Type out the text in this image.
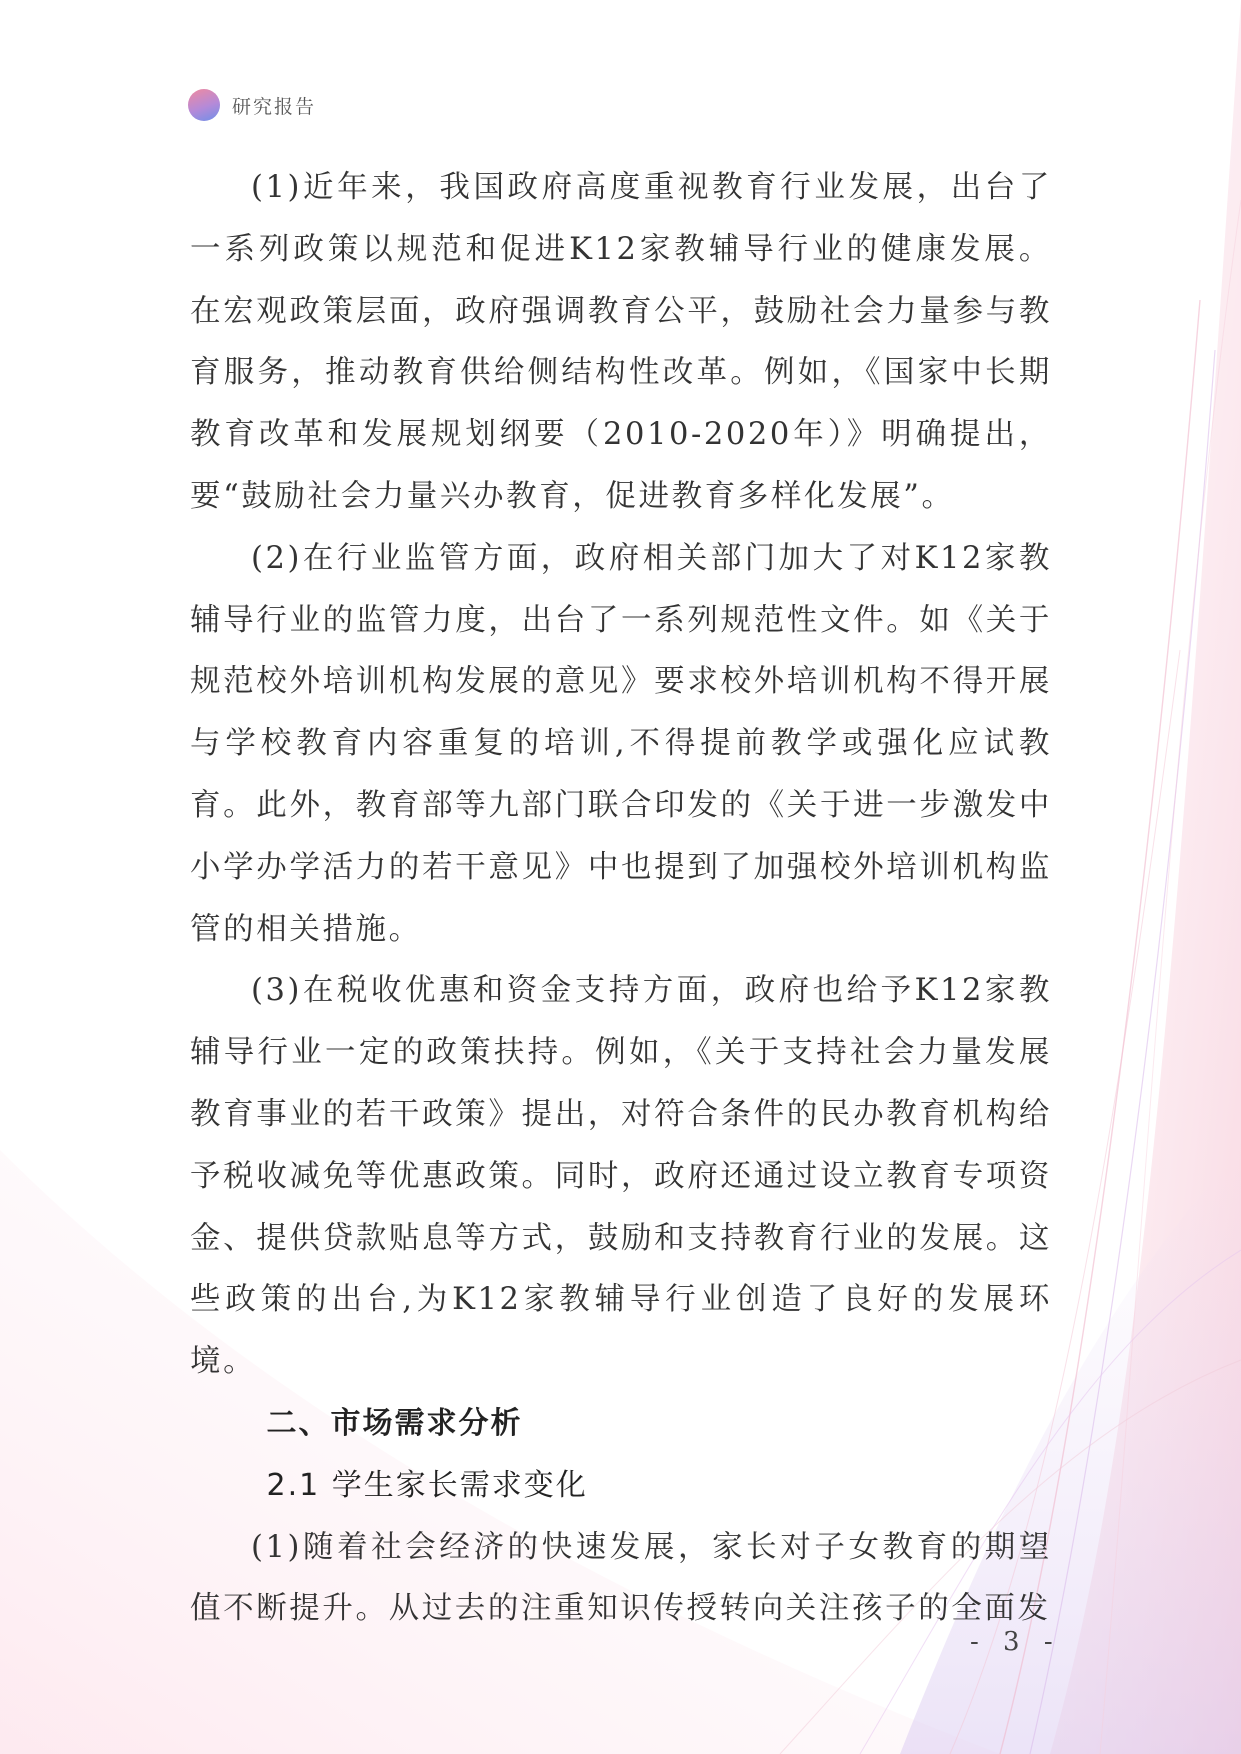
研究报告

(1)近年来，我国政府高度重视教育行业发展，出台了一系列政策以规范和促进K12家教辅导行业的健康发展。在宏观政策层面，政府强调教育公平，鼓励社会力量参与教育服务，推动教育供给侧结构性改革。例如，《国家中长期教育改革和发展规划纲要（2010-2020年）》明确提出，要“鼓励社会力量兴办教育，促进教育多样化发展”。

(2)在行业监管方面，政府相关部门加大了对K12家教辅导行业的监管力度，出台了一系列规范性文件。如《关于规范校外培训机构发展的意见》要求校外培训机构不得开展与学校教育内容重复的培训,不得提前教学或强化应试教育。此外，教育部等九部门联合印发的《关于进一步激发中小学办学活力的若干意见》中也提到了加强校外培训机构监管的相关措施。

(3)在税收优惠和资金支持方面，政府也给予K12家教辅导行业一定的政策扶持。例如，《关于支持社会力量发展教育事业的若干政策》提出，对符合条件的民办教育机构给予税收减免等优惠政策。同时，政府还通过设立教育专项资金、提供贷款贴息等方式，鼓励和支持教育行业的发展。这些政策的出台,为K12家教辅导行业创造了良好的发展环境。

二、市场需求分析

2.1 学生家长需求变化

(1)随着社会经济的快速发展，家长对子女教育的期望值不断提升。从过去的注重知识传授转向关注孩子的全面发

- 3 -
